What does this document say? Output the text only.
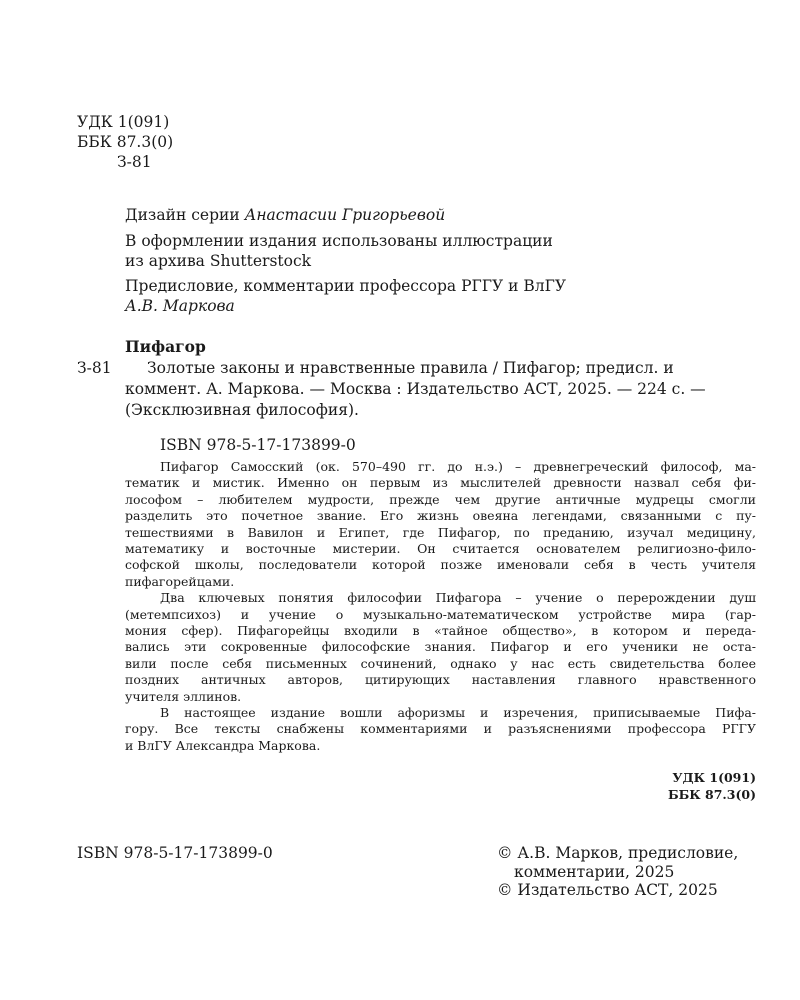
УДК 1(091)
ББК 87.3(0)
З-81
Дизайн серии Анастасии Григорьевой
В оформлении издания использованы иллюстрации
из архива Shutterstock
Предисловие, комментарии профессора РГГУ и ВлГУ
А.В. Маркова
Пифагор
З-81 Золотые законы и нравственные правила / Пифагор; предисл. и
коммент. А. Маркова. — Москва : Издательство АСТ, 2025. — 224 с. —
(Эксклюзивная философия).
ISBN 978-5-17-173899-0
Пифагор Самосский (ок. 570–490 гг. до н.э.) – древнегреческий философ, ма-
тематик и мистик. Именно он первым из мыслителей древности назвал себя фи-
лософом – любителем мудрости, прежде чем другие античные мудрецы смогли
разделить это почетное звание. Его жизнь овеяна легендами, связанными с пу-
тешествиями в Вавилон и Египет, где Пифагор, по преданию, изучал медицину,
математику и восточные мистерии. Он считается основателем религиозно-фило-
софской школы, последователи которой позже именовали себя в честь учителя
пифагорейцами.
Два ключевых понятия философии Пифагора – учение о перерождении душ
(метемпсихоз) и учение о музыкально-математическом устройстве мира (гар-
мония сфер). Пифагорейцы входили в «тайное общество», в котором и переда-
вались эти сокровенные философские знания. Пифагор и его ученики не оста-
вили после себя письменных сочинений, однако у нас есть свидетельства более
поздних античных авторов, цитирующих наставления главного нравственного
учителя эллинов.
В настоящее издание вошли афоризмы и изречения, приписываемые Пифа-
гору. Все тексты снабжены комментариями и разъяснениями профессора РГГУ
и ВлГУ Александра Маркова.
УДК 1(091)
ББК 87.3(0)
ISBN 978-5-17-173899-0	© А.В. Марков, предисловие,
комментарии, 2025
© Издательство АСТ, 2025
